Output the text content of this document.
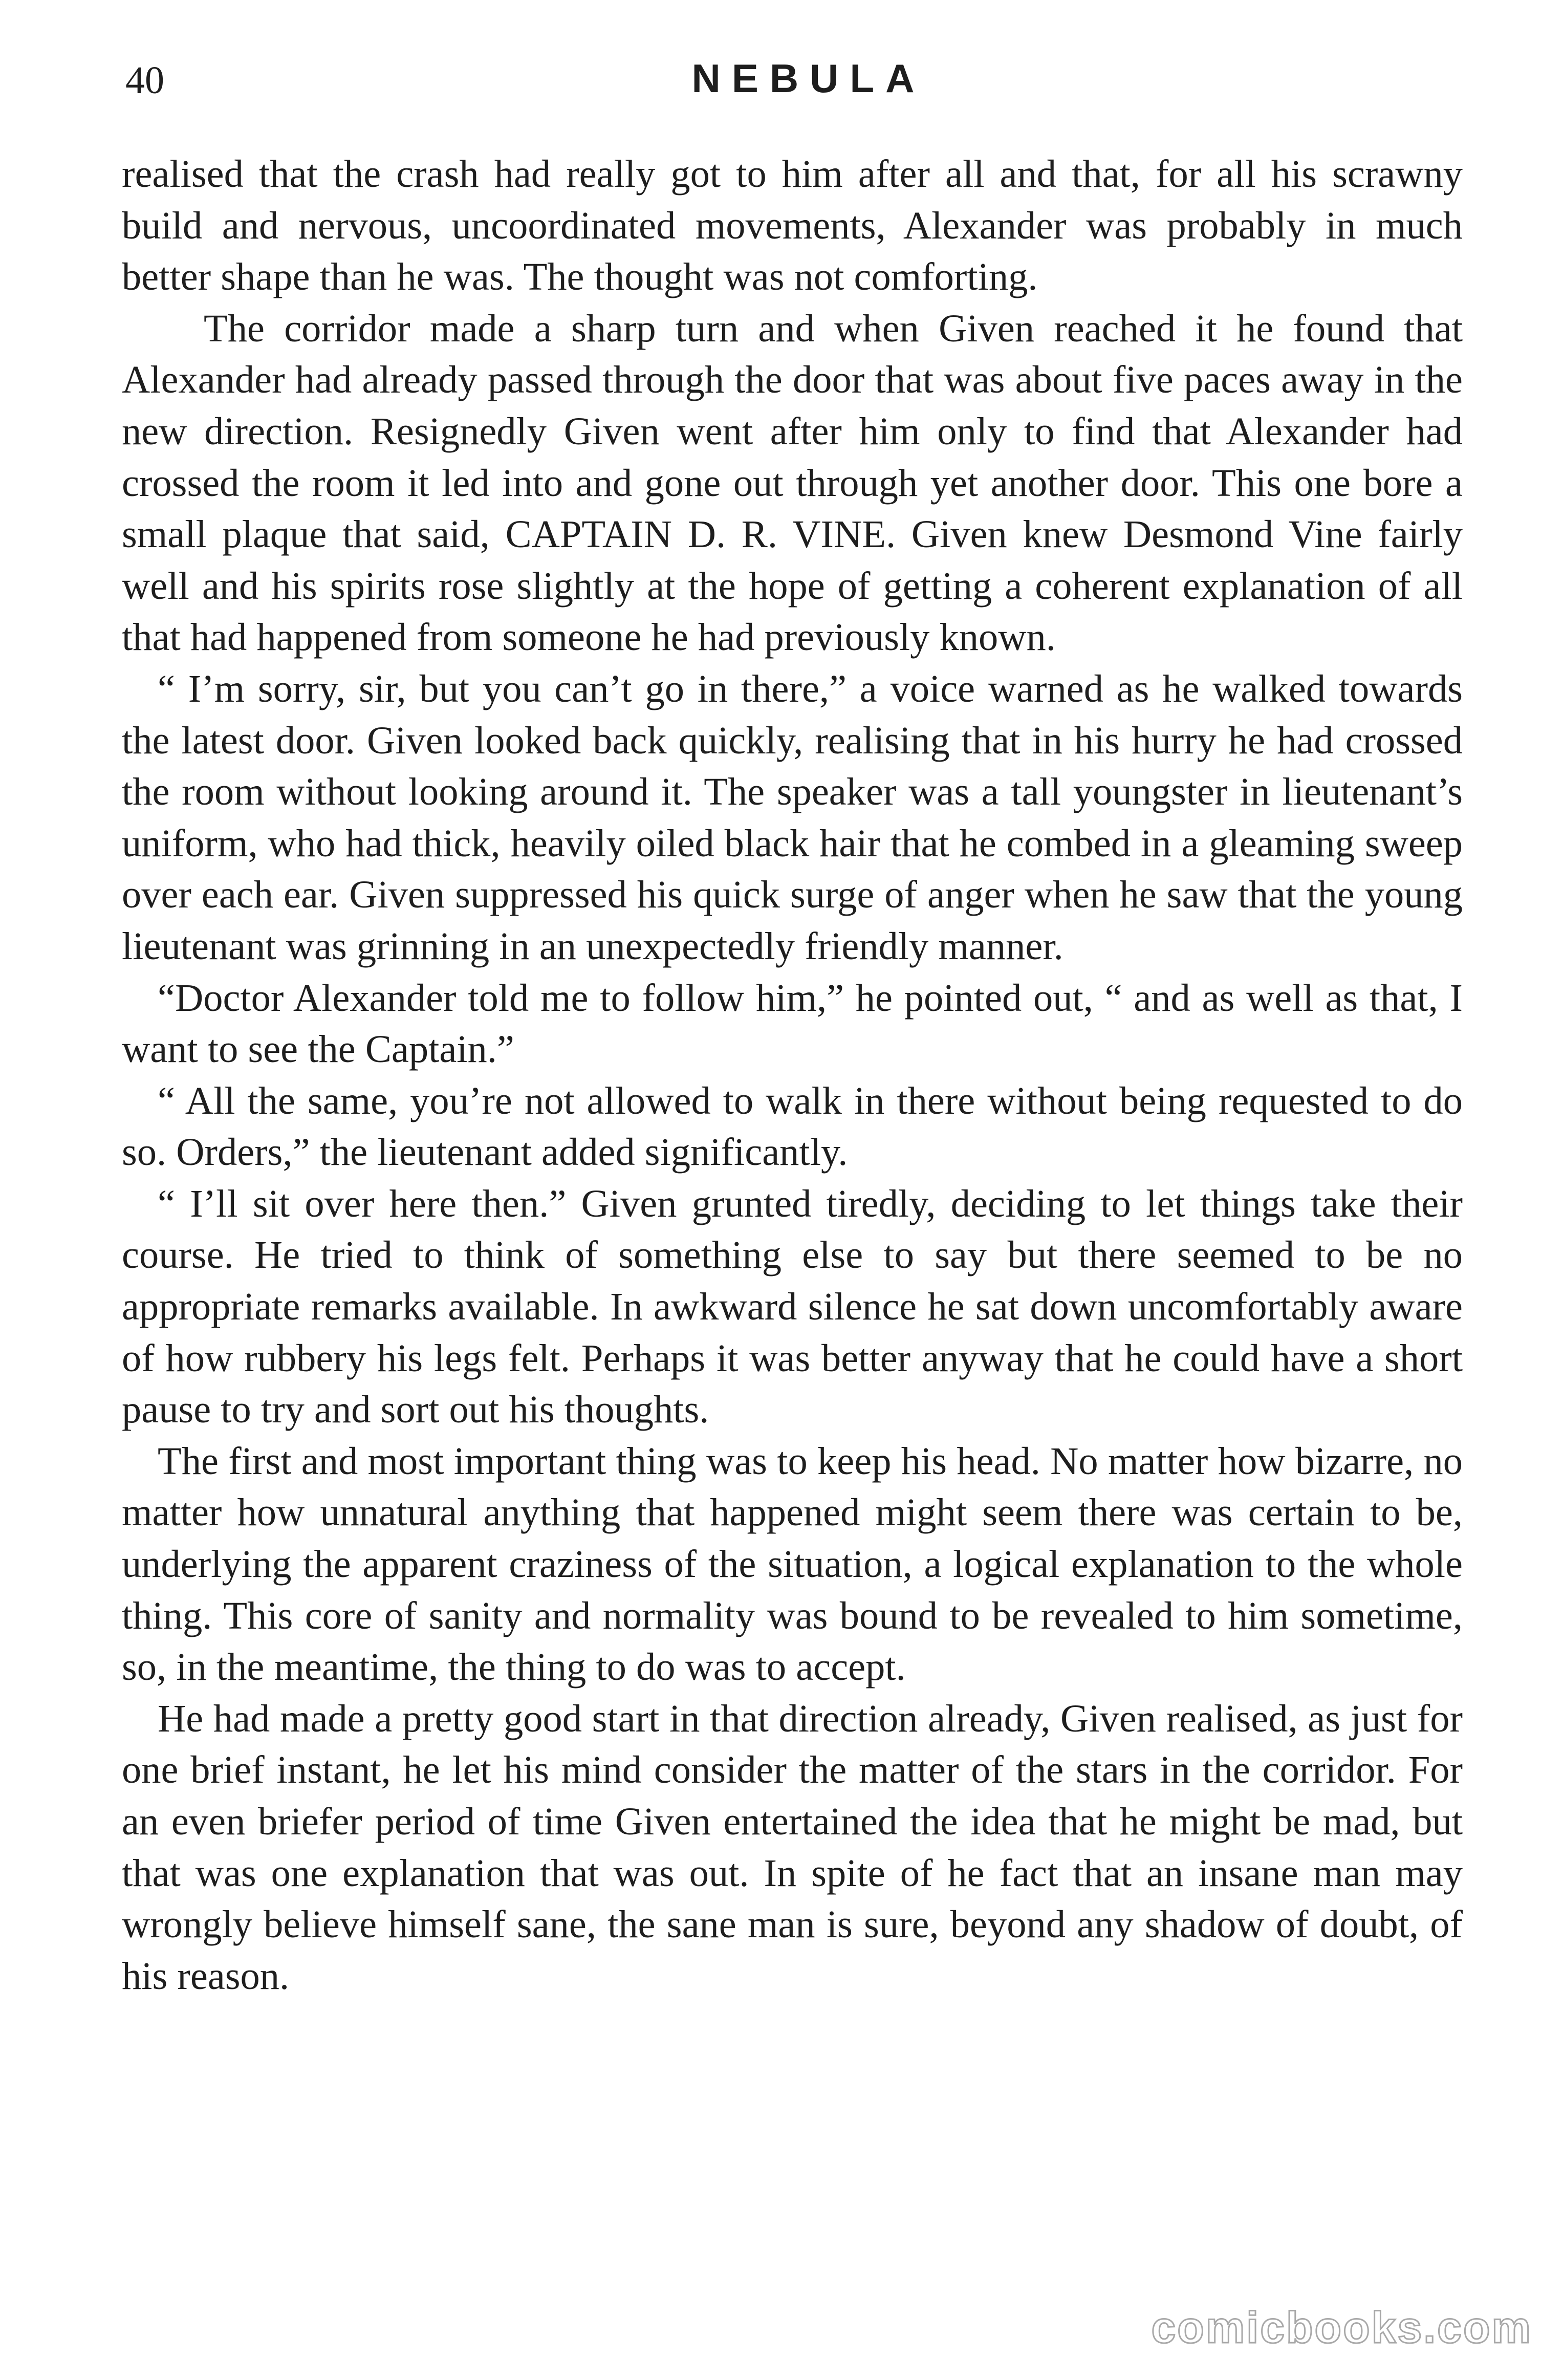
40	NEBULA

realised that the crash had really got to him after all and that, for all his scrawny build and nervous, uncoordinated movements, Alexander was probably in much better shape than he was. The thought was not comforting.

The corridor made a sharp turn and when Given reached it he found that Alexander had already passed through the door that was about five paces away in the new direction. Resignedly Given went after him only to find that Alexander had crossed the room it led into and gone out through yet another door. This one bore a small plaque that said, CAPTAIN D. R. VINE. Given knew Desmond Vine fairly well and his spirits rose slightly at the hope of getting a coherent explanation of all that had happened from someone he had previously known.

“ I’m sorry, sir, but you can’t go in there,” a voice warned as he walked towards the latest door. Given looked back quickly, realising that in his hurry he had crossed the room without looking around it. The speaker was a tall youngster in lieutenant’s uniform, who had thick, heavily oiled black hair that he combed in a gleaming sweep over each ear. Given suppressed his quick surge of anger when he saw that the young lieutenant was grinning in an unexpectedly friendly manner.

“Doctor Alexander told me to follow him,” he pointed out, “ and as well as that, I want to see the Captain.”

“ All the same, you’re not allowed to walk in there without being requested to do so. Orders,” the lieutenant added significantly.

“ I’ll sit over here then.” Given grunted tiredly, deciding to let things take their course. He tried to think of something else to say but there seemed to be no appropriate remarks available. In awkward silence he sat down uncomfortably aware of how rubbery his legs felt. Perhaps it was better anyway that he could have a short pause to try and sort out his thoughts.

The first and most important thing was to keep his head. No matter how bizarre, no matter how unnatural anything that happened might seem there was certain to be, underlying the apparent craziness of the situation, a logical explanation to the whole thing. This core of sanity and normality was bound to be revealed to him sometime, so, in the meantime, the thing to do was to accept.

He had made a pretty good start in that direction already, Given realised, as just for one brief instant, he let his mind consider the matter of the stars in the corridor. For an even briefer period of time Given entertained the idea that he might be mad, but that was one explanation that was out. In spite of he fact that an insane man may wrongly believe himself sane, the sane man is sure, beyond any shadow of doubt, of his reason.

comicbooks.com
